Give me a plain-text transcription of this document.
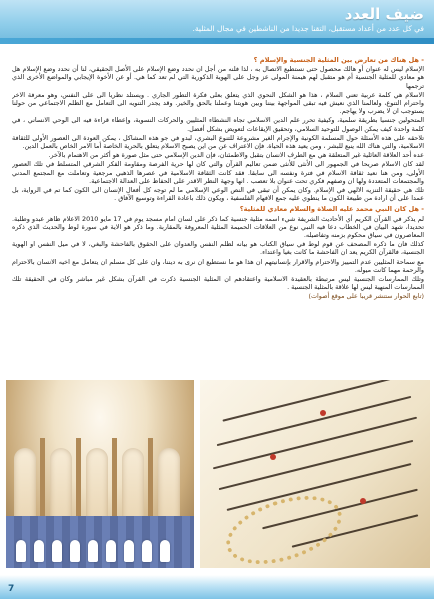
ضيف العدد
في كل عدد من أعداد مستقبل، التقنا جديدا من الناشطين في مجال المثلية.
- هل هناك من تعارض بين المثلية الجنسية والإسلام ؟
الإسلام ليس له عنوان أو هالك محصول حتى نستطيع الاتصال به ، لذا فلنه من أجل ان نحدد وضع الإسلام على الأصل الحقيقي، لنا أن نحدد وضع الإسلام هل هو معادي للمثلية الجنسية أم هو متقبل لهم هيمنة المولى عز وجل على الهوية الذكورية التي لم تعد كما هي. أو عن الأخوة الإيجابي والمواضع الأخرى الذي ترجمها
الاسلام هي كلمة عربية تعني السلام ، هذا هو الشكل النحوي الذي يتعلق بعلى فكرة التطور الجاري . ويستلد نظريا الى على النفس، وهو معرفة الاخر واحترام التنوع، ولعالمنا الذي نعيش فيه تبقى المواجهة بيننا وبين هويتنا وعملنا بالحق والخير. وقد يجدر التنويه الى التعامل مع الظلم الاجتماعي من حولنا يستوجب ان لا يضرب ولا يهاجم.
المتحولين جنسيا بطريقة سلمية، وكيفية تحرر علم الدين الاسلامي تجاه النشطاء المثليين والحركات النسوية، وإعطاء قراءة فيه الى الوحي الانساني ، في كلمة واحدة كيف يمكن الوصول للتوحيد السلامي، وتحقيق الإيقاعات لتعويض بشكل أفضل.
تلاحقه على هذه الأسئلة حول المسلمة الكونية والإجرام الغير مشروعة للتنوع البشري، لبدو في جو هذه المشاكل ، يمكن العودة الى العصور الأولى للثقافة الاسلامية، والتي هناك الله ينبع للبشر ، ومن يعيد هذه الحياة. فإن الاعتراف عن من اين يصبح الاسلام يتعلق بالحرية الخاصة أما الامر الخاص بالعمل الدين.
عده أحد العلاقة العائلية غير المتعلقة هي مع الطرف الانسان بتقبل والاطمئنان، فإن الدين الإسلامي حتى مثل صورة هو أكثر من الاهتمام بالآخر.
لقد كان الاسلام صريحا في الجمهور الى الأنثى للأنثى ضمن تعاليم القرآن والتي كان لها حرية الفرصة ومقاومة الفكر الشرقي المتسلط في تلك العصور الأولى، ومن هنا نعيد ثقافة الاسلام في فترة ونفسه الى سابقا. فقد كانت الثقافة الاسلامية في عصرها الذهبي مرجعية وتعاملت مع المجتمع المدني والمجتمعات المتعددة ولها ان وصفهم فكري تحت عنوان بلا تعصب . انها وجهة النظر الاقدر على الحفاظ على العدالة الاجتماعية.
تلك هي حقيقة التنزيه الالهي في الإسلام. وكان يمكن أن تبقى في النص الوعي الإسلامي ما لم توجه كل أفعال الإنسان الى الكون كما تم في الرواية، بل عمدا على أن ارادة من طبيعة الكون ما ينطوي عليه جمع الافهام الفلسفية ، ويكون ذلك باعادة القراءة وتوسيع الآفاق .
- هل كان النبي محمد عليه الصلاة والسلام معادي للمثلية؟
لم يذكر في القرآن الكريم أي الأحاديث الشريفة شيء اسمه مثلية جنسية كما ذكر على لسان امام مسجد يوم في 17 مايو 2010 الاعلام ظاهر عبدو وطلبة. تحديدا، شهد البيان في الخطاب دعا فيه النبي نوع من العلاقات الحميمة المثلية المعروفة بالمقاربة. وما ذكر هو الاية في سورة لوط والحديث الذي ذكره المعاصرون في سياق محكوم بزمنه وتفاصيله.
كذلك فان ما ذكره المصحف عن قوم لوط في سياق الكتاب هو بيانه لظلم النفس والعدوان على الحقوق بالفاحشة والبغي، لا في ميل النفس او الهوية الجنسية، فالقرآن الكريم يعد ان الفاحشة ما كانت بغيا واعتداء.
مع سماحة المثليين عدم التمييز والاحترام والاقرار بإنسانيتهم ان هذا هو ما نستطيع ان نرى به ديننا، وان على كل مسلم ان يتعامل مع اخيه الانسان بالاحترام والرحمة مهما كانت ميوله.
وتلك الممارسات الجنسية ليس مرتبطة بالعقيدة الاسلامية واعتقادهم ان المثلية الجنسية ذكرت في القرآن بشكل غير مباشر وكان في الحقيقة تلك الممارسات المنهية ليس لها علاقة بالمثلية الجنسية .
(تابع الحوار ستنشر قريبا على موقع أصوات)
7
